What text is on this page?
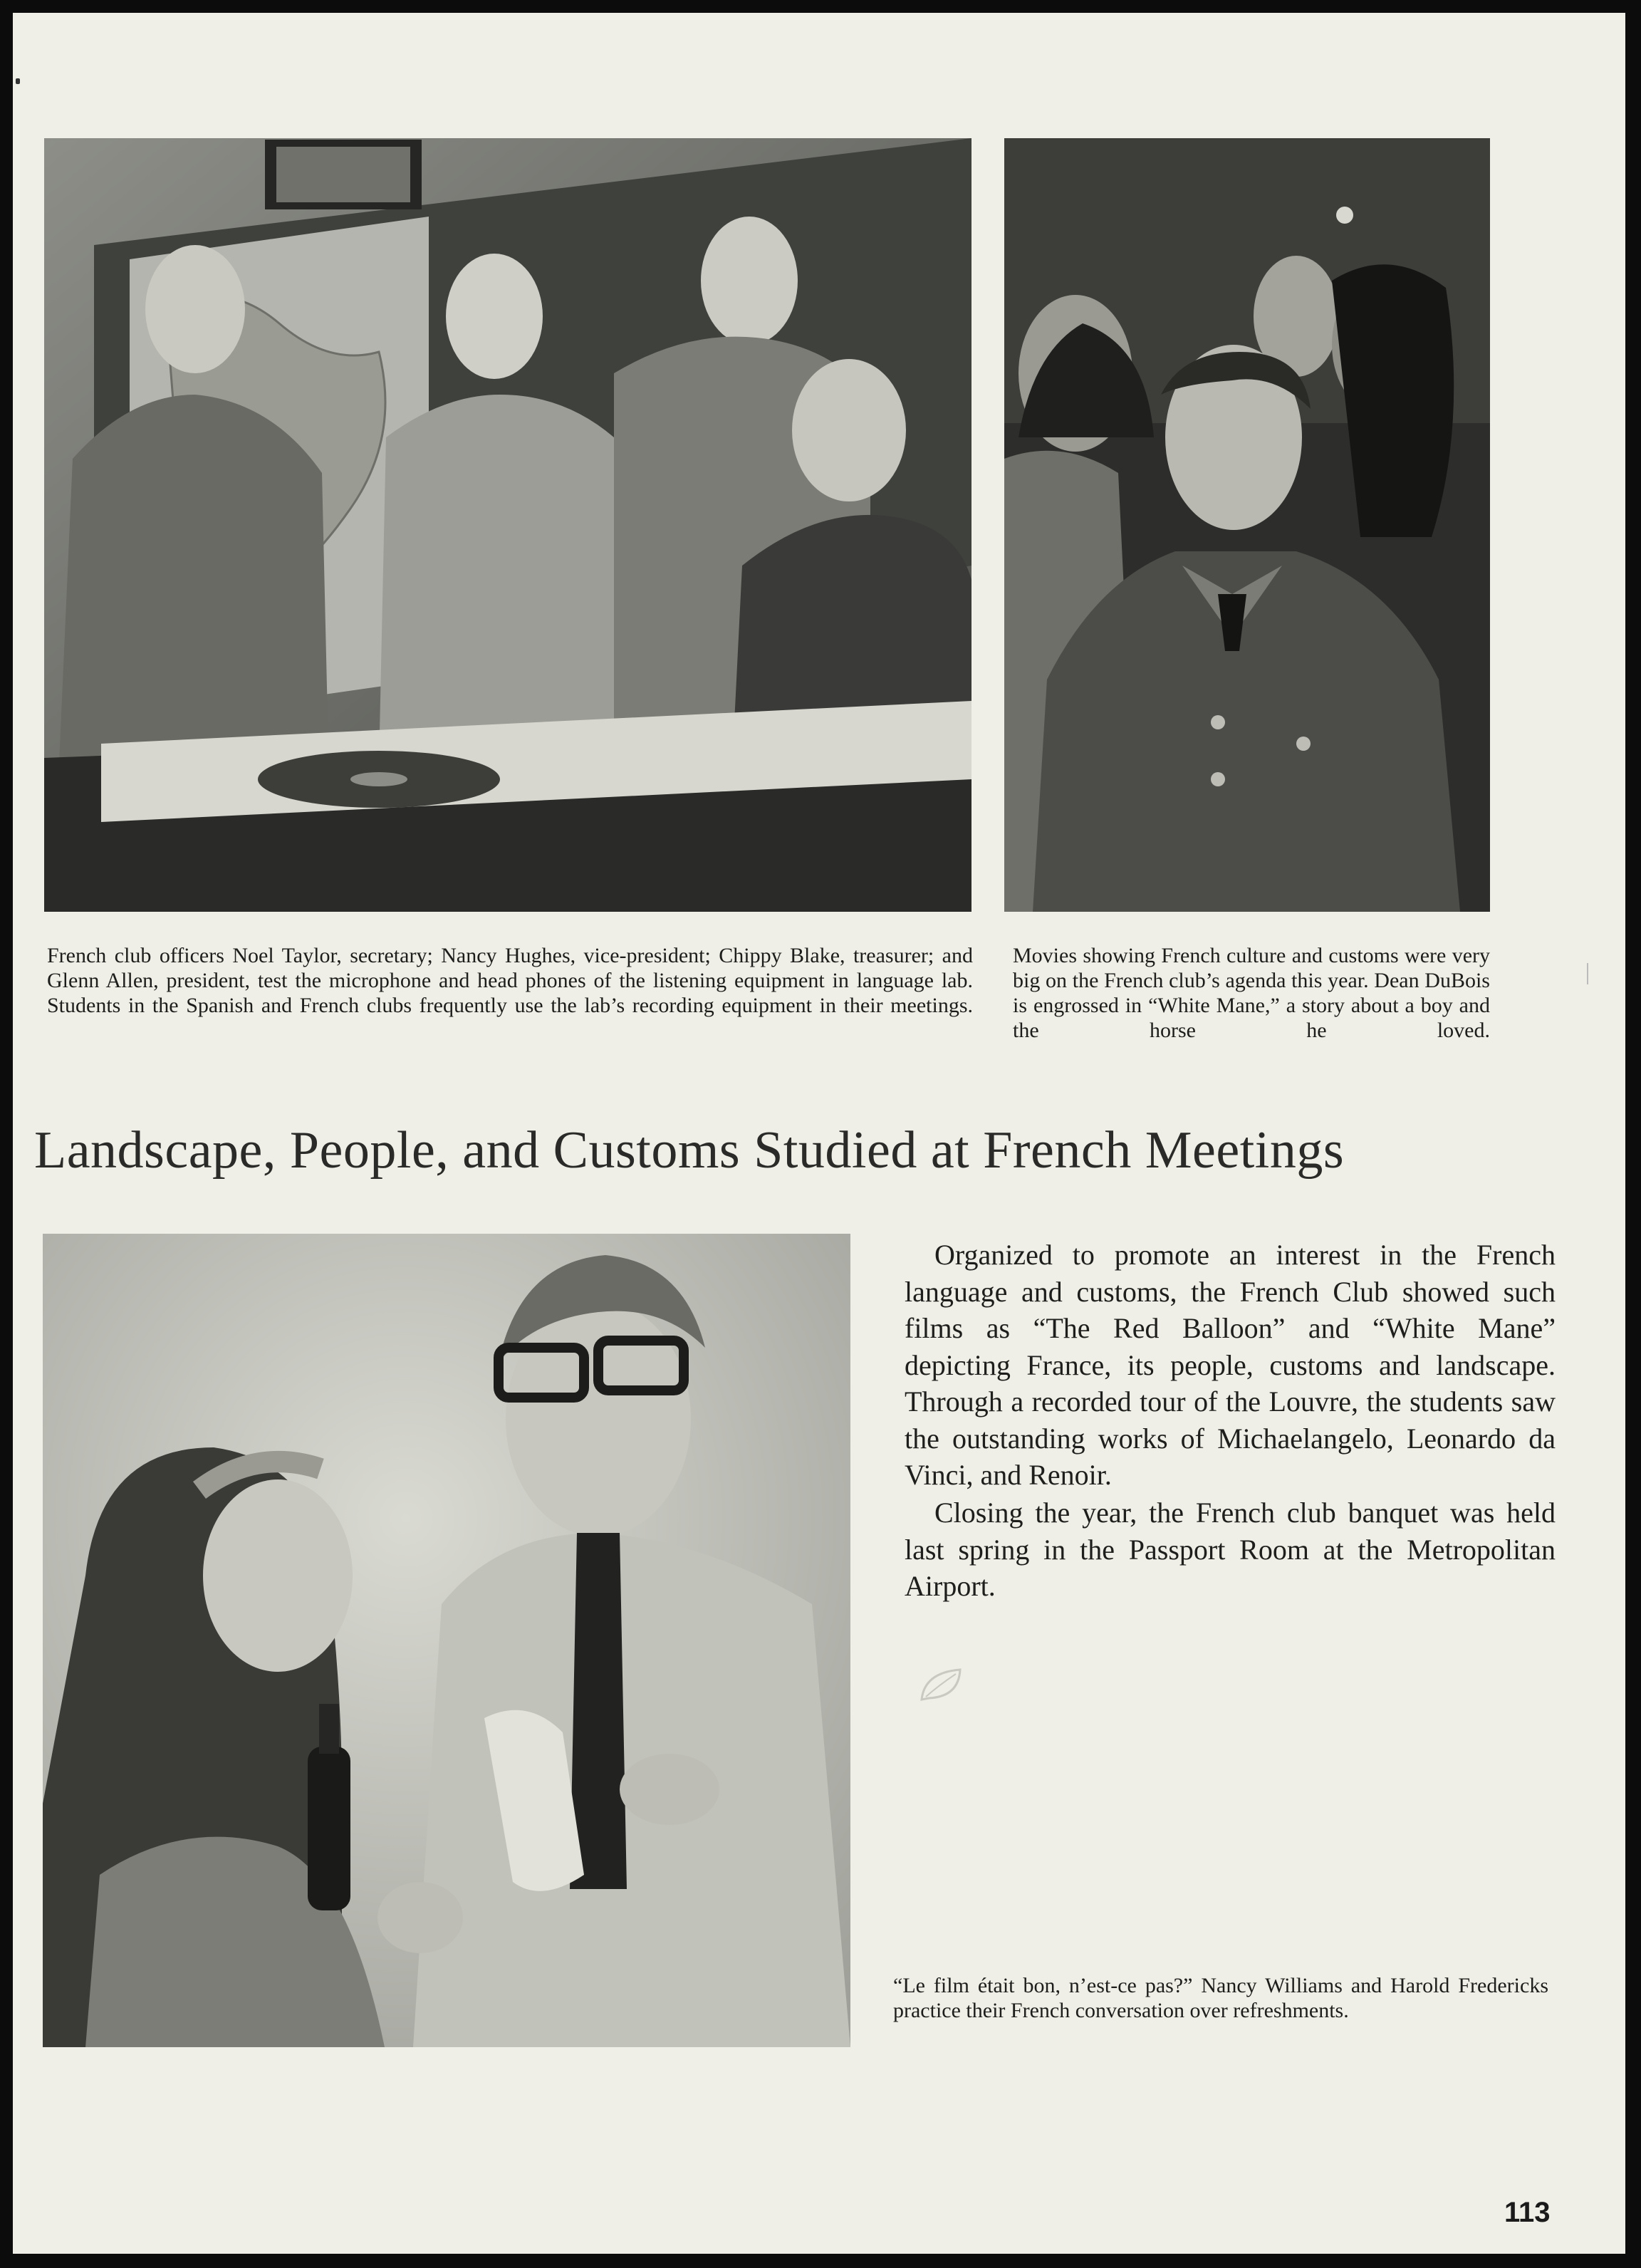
French club officers Noel Taylor, secretary; Nancy Hughes, vice-president; Chippy Blake, treasurer; and Glenn Allen, president, test the microphone and head phones of the listening equipment in language lab. Students in the Spanish and French clubs frequently use the lab’s recording equipment in their meetings.

Movies showing French culture and customs were very big on the French club’s agenda this year. Dean DuBois is engrossed in “White Mane,” a story about a boy and the horse he loved.

Landscape, People, and Customs Studied at French Meetings

Organized to promote an interest in the French language and customs, the French Club showed such films as “The Red Balloon” and “White Mane” depicting France, its people, customs and landscape. Through a recorded tour of the Louvre, the students saw the outstanding works of Michaelangelo, Leonardo da Vinci, and Renoir.

Closing the year, the French club banquet was held last spring in the Passport Room at the Metropolitan Airport.

“Le film était bon, n’est-ce pas?” Nancy Williams and Harold Fredericks practice their French conversation over refreshments.

113
